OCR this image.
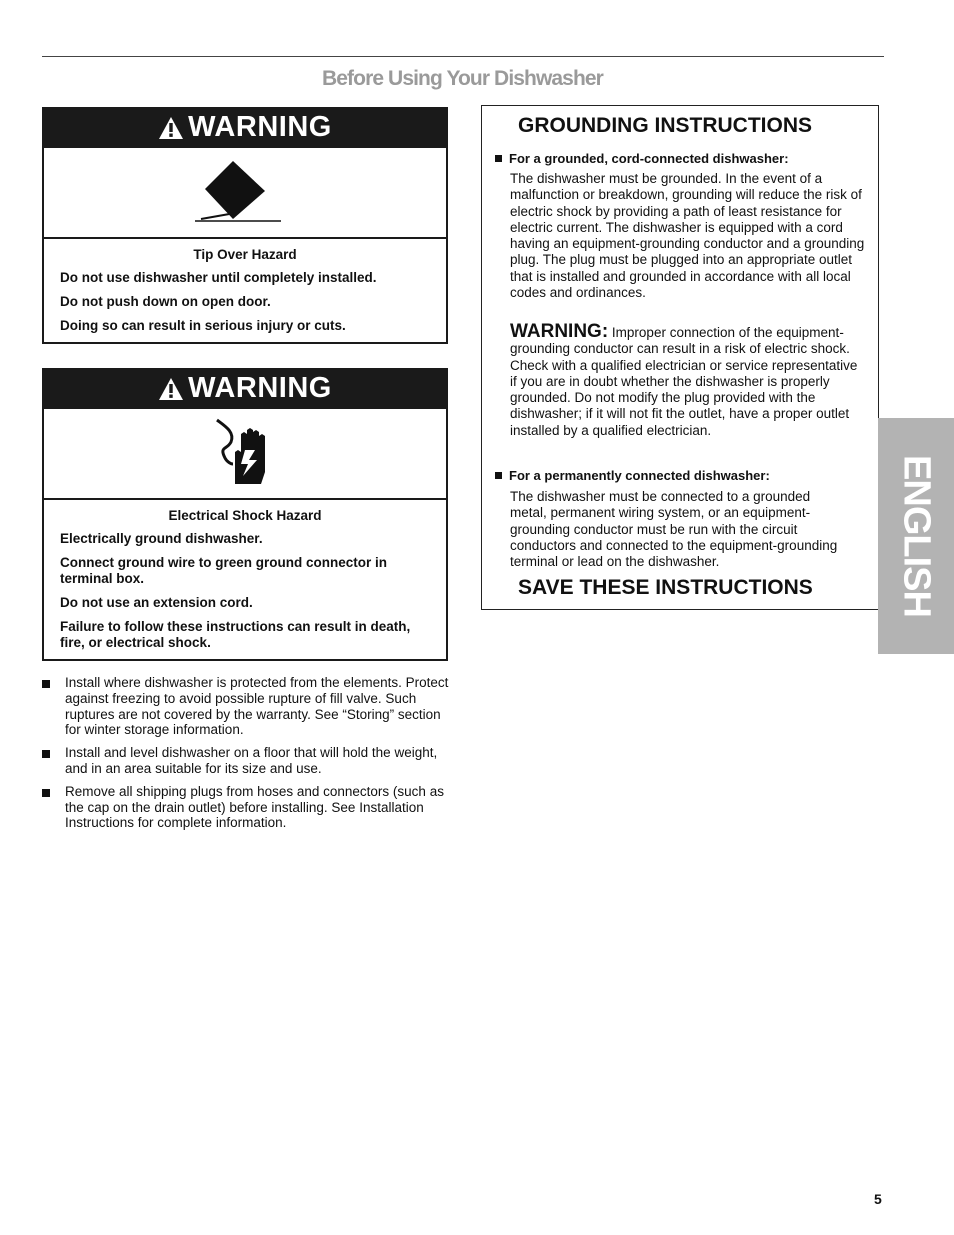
Before Using Your Dishwasher
WARNING
Tip Over Hazard

Do not use dishwasher until completely installed.

Do not push down on open door.

Doing so can result in serious injury or cuts.

WARNING
Electrical Shock Hazard

Electrically ground dishwasher.

Connect ground wire to green ground connector in terminal box.

Do not use an extension cord.

Failure to follow these instructions can result in death, fire, or electrical shock.

GROUNDING INSTRUCTIONS
For a grounded, cord-connected dishwasher:

The dishwasher must be grounded. In the event of a malfunction or breakdown, grounding will reduce the risk of electric shock by providing a path of least resistance for electric current. The dishwasher is equipped with a cord having an equipment-grounding conductor and a grounding plug. The plug must be plugged into an appropriate outlet that is installed and grounded in accordance with all local codes and ordinances.

WARNING: Improper connection of the equipment-grounding conductor can result in a risk of electric shock. Check with a qualified electrician or service representative if you are in doubt whether the dishwasher is properly grounded. Do not modify the plug provided with the dishwasher; if it will not fit the outlet, have a proper outlet installed by a qualified electrician.

For a permanently connected dishwasher:

The dishwasher must be connected to a grounded metal, permanent wiring system, or an equipment-grounding conductor must be run with the circuit conductors and connected to the equipment-grounding terminal or lead on the dishwasher.

SAVE THESE INSTRUCTIONS
Install where dishwasher is protected from the elements. Protect against freezing to avoid possible rupture of fill valve. Such ruptures are not covered by the warranty. See “Storing” section for winter storage information.
Install and level dishwasher on a floor that will hold the weight, and in an area suitable for its size and use.
Remove all shipping plugs from hoses and connectors (such as the cap on the drain outlet) before installing. See Installation Instructions for complete information.
ENGLISH
5
